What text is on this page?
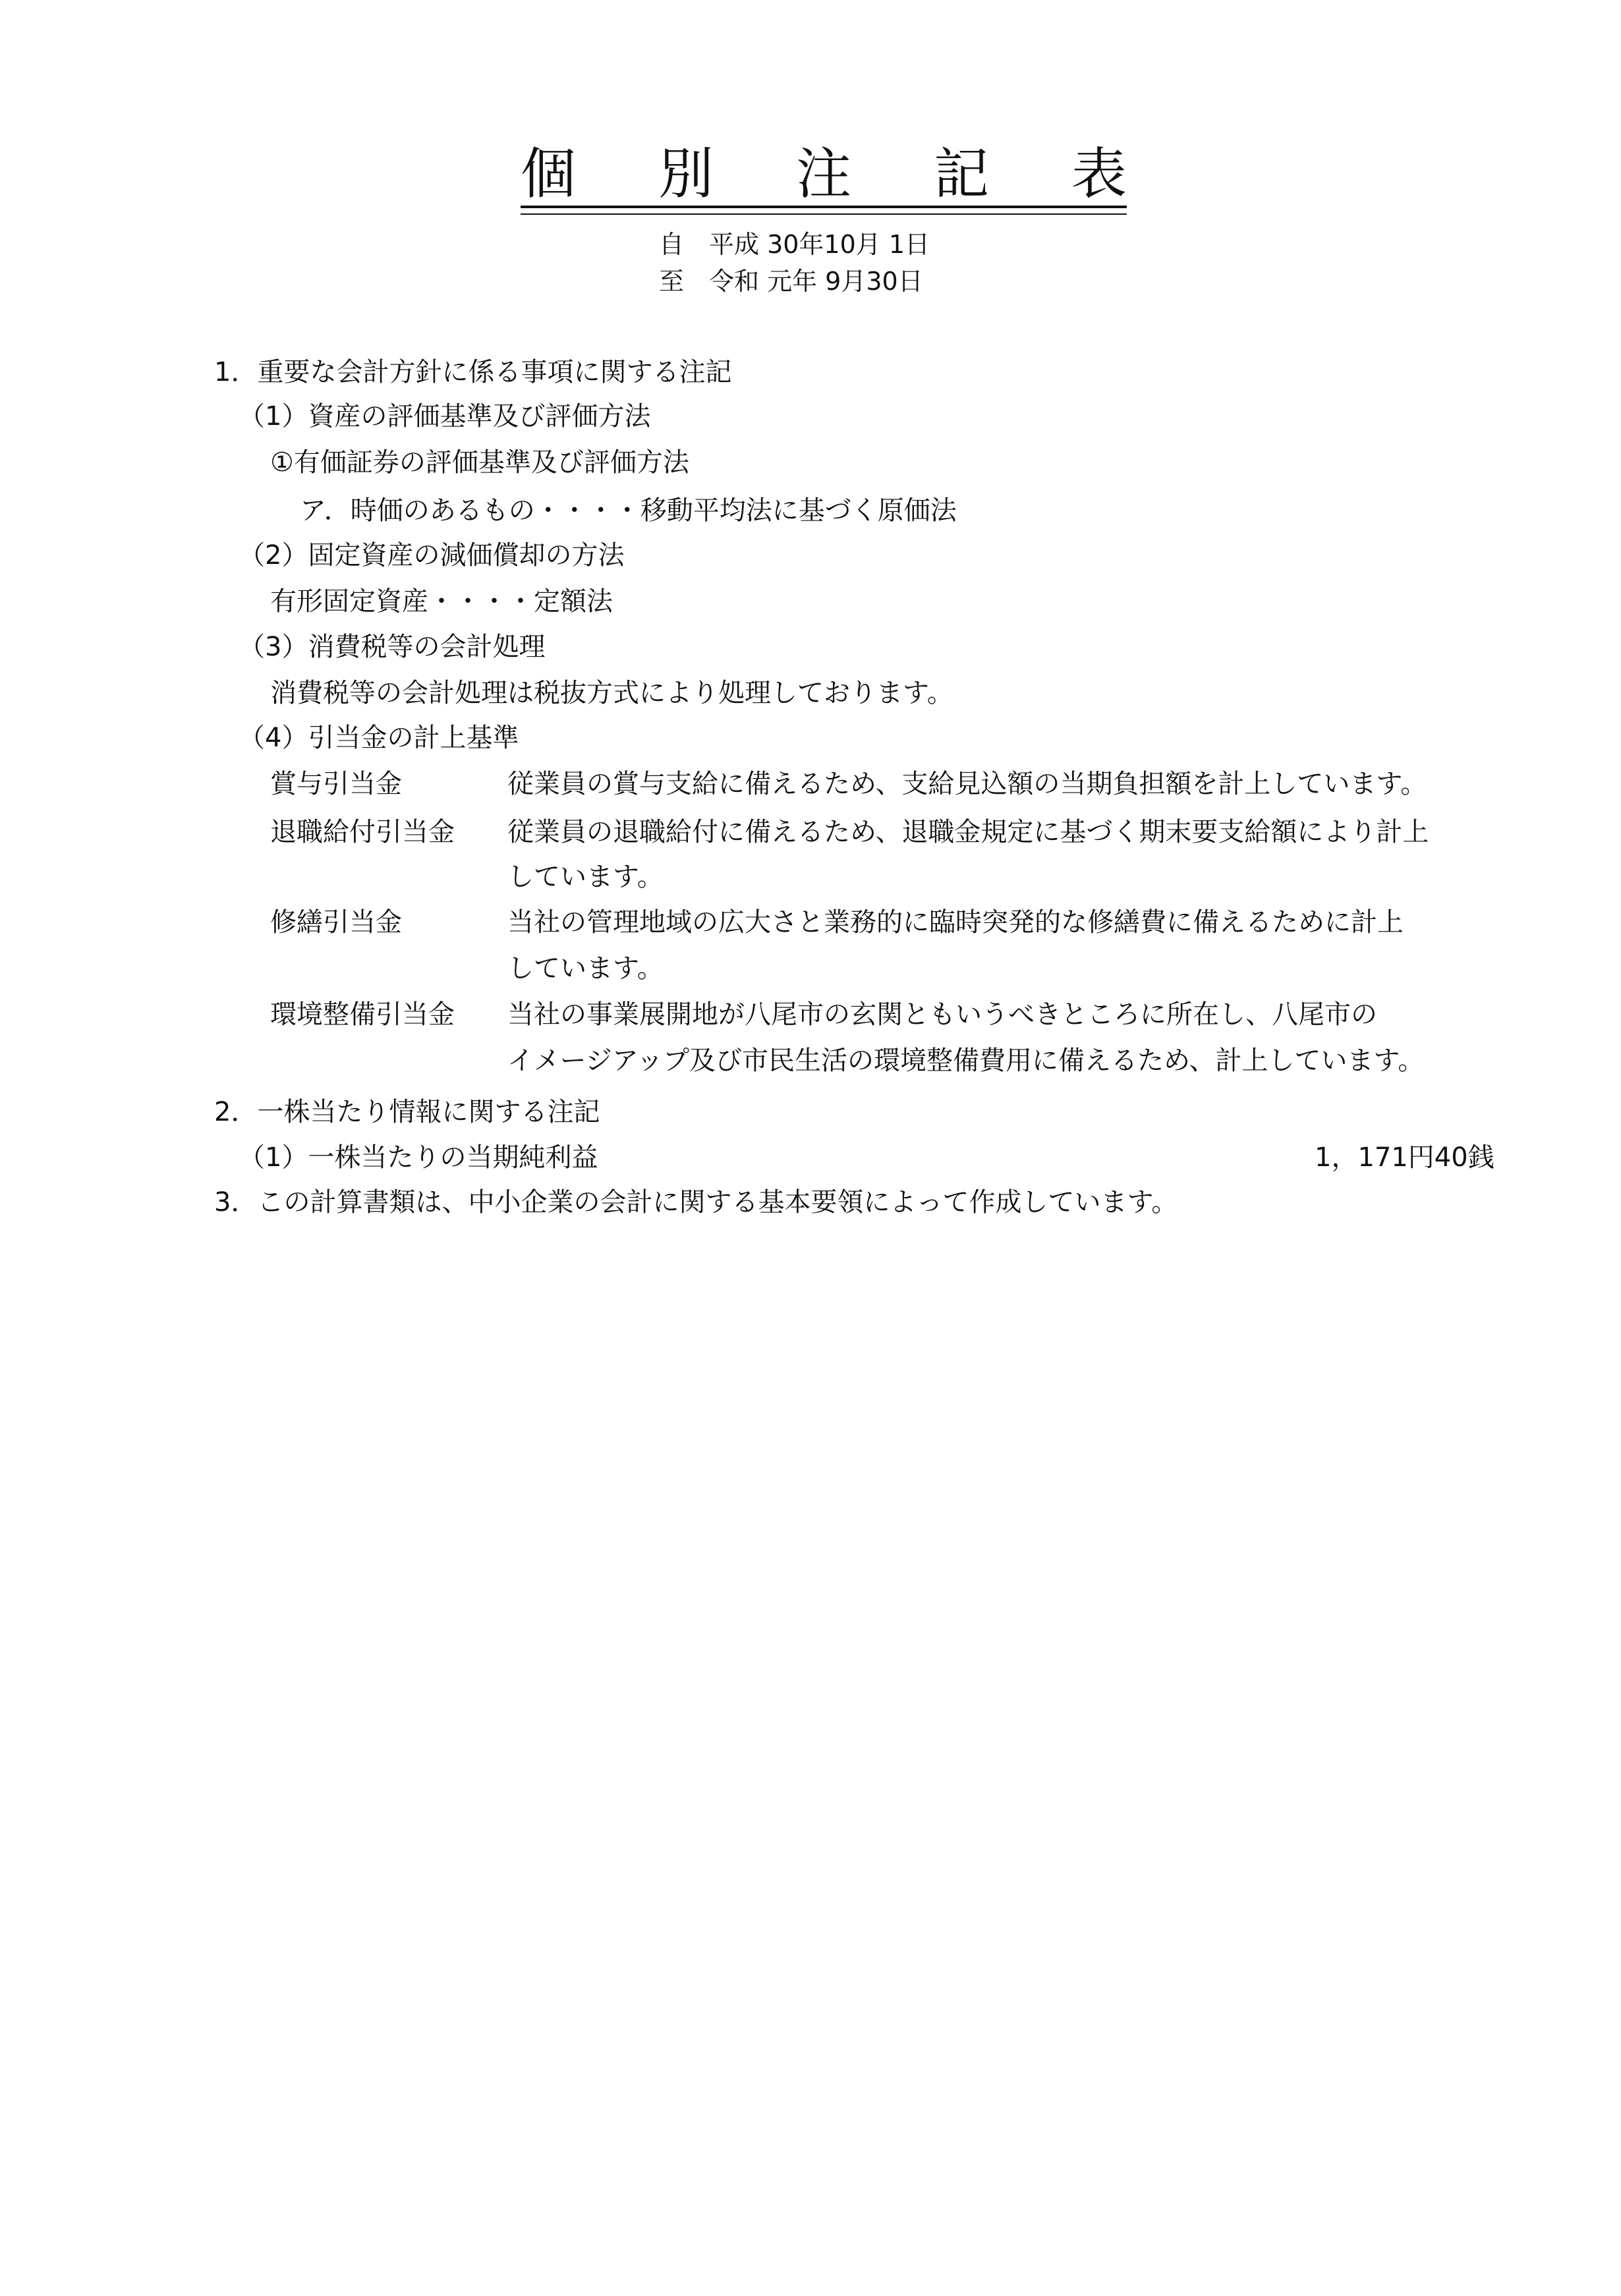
個 別 注 記 表
自　平成 30年10月 1日
至　令和 元年 9月30日
1．重要な会計方針に係る事項に関する注記
（1）資産の評価基準及び評価方法
①有価証券の評価基準及び評価方法
ア．時価のあるもの・・・・移動平均法に基づく原価法
（2）固定資産の減価償却の方法
有形固定資産・・・・定額法
（3）消費税等の会計処理
消費税等の会計処理は税抜方式により処理しております。
（4）引当金の計上基準
賞与引当金	従業員の賞与支給に備えるため、支給見込額の当期負担額を計上しています。
退職給付引当金 従業員の退職給付に備えるため、退職金規定に基づく期末要支給額により計上
しています。
修繕引当金	当社の管理地域の広大さと業務的に臨時突発的な修繕費に備えるために計上
しています。
環境整備引当金 当社の事業展開地が八尾市の玄関ともいうべきところに所在し、八尾市の
イメージアップ及び市民生活の環境整備費用に備えるため、計上しています。
2．一株当たり情報に関する注記
（1）一株当たりの当期純利益	1，171円40銭
3．この計算書類は、中小企業の会計に関する基本要領によって作成しています。
